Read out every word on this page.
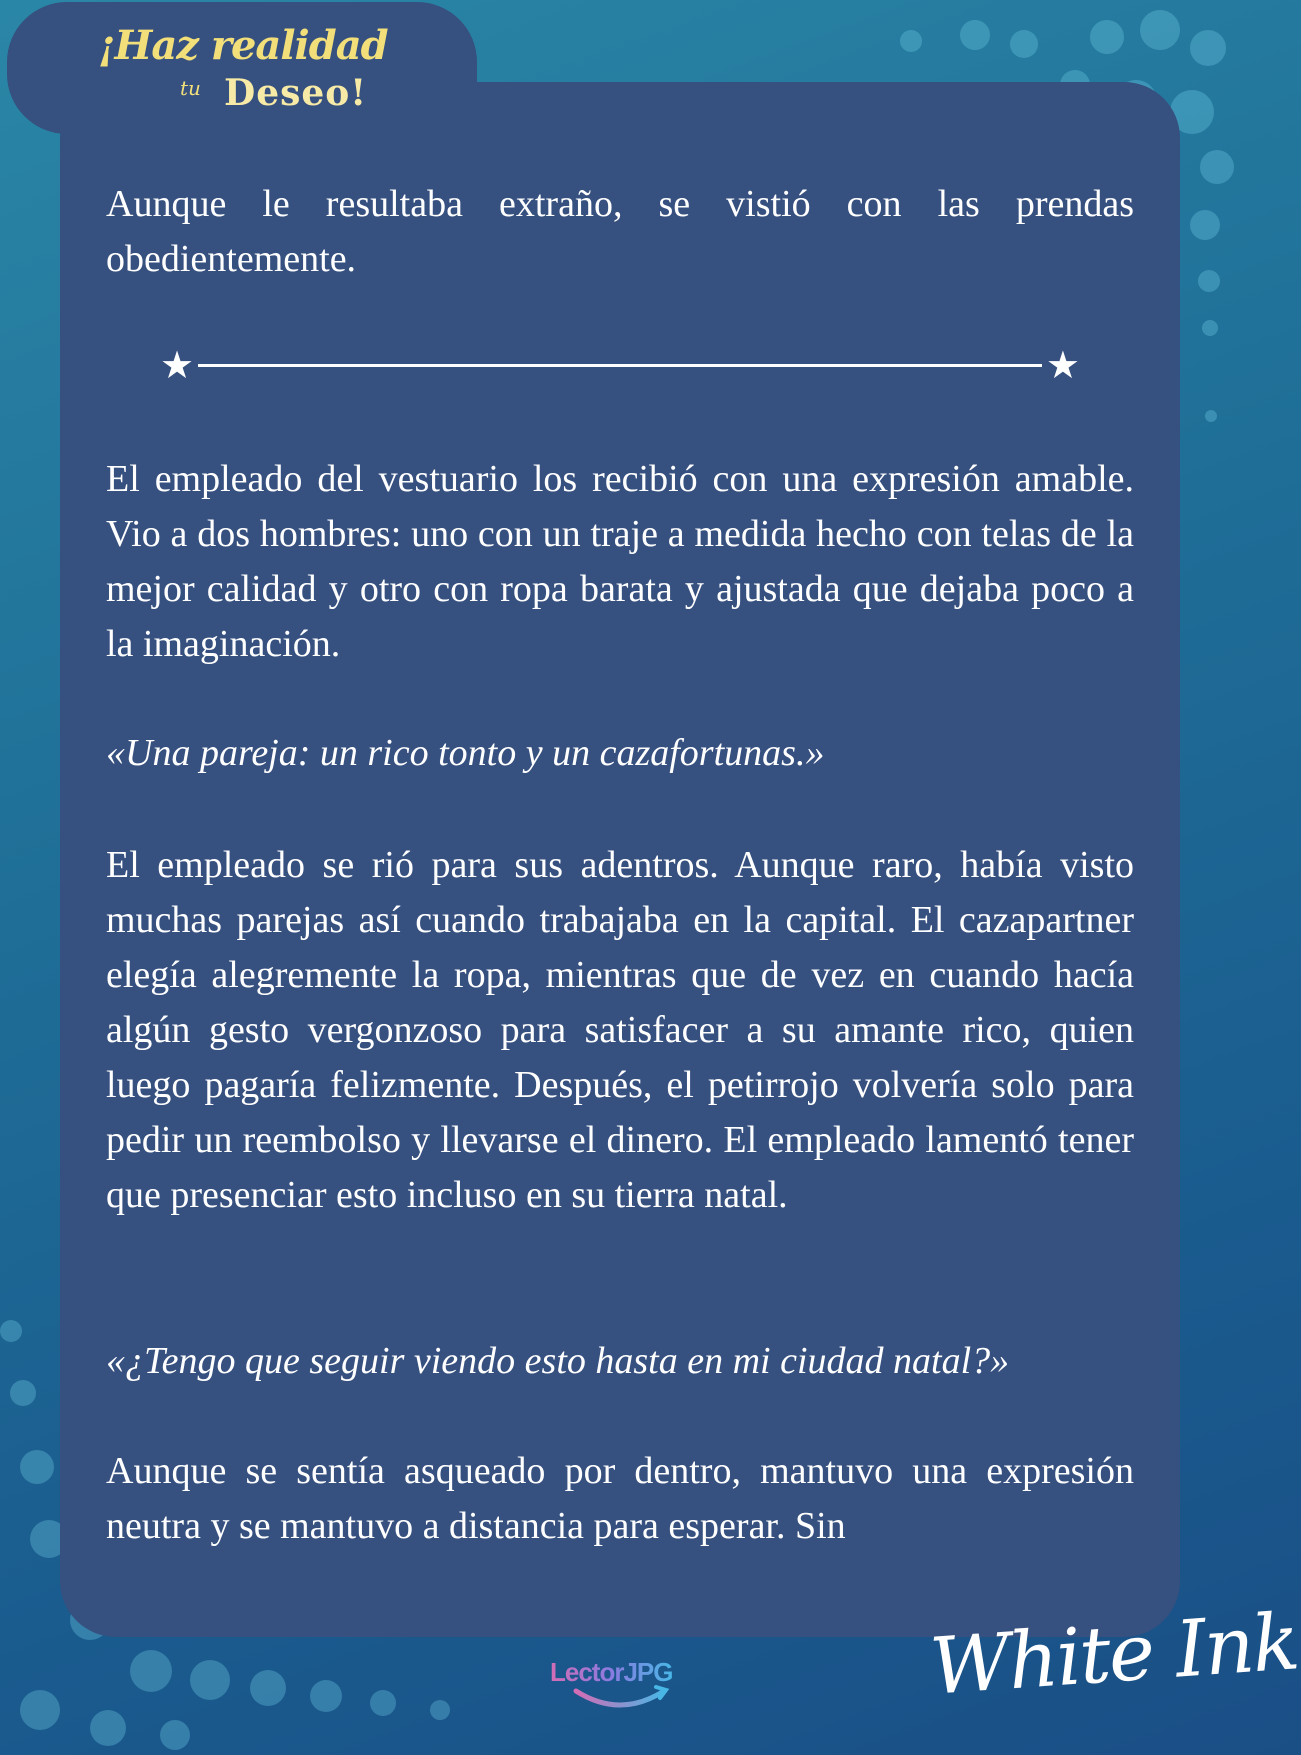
¡Haz realidad
tu Deseo!

Aunque le resultaba extraño, se vistió con las prendas obedientemente.

★	★

El empleado del vestuario los recibió con una expresión amable. Vio a dos hombres: uno con un traje a medida hecho con telas de la mejor calidad y otro con ropa barata y ajustada que dejaba poco a la imaginación.

«Una pareja: un rico tonto y un cazafortunas.»

El empleado se rió para sus adentros. Aunque raro, había visto muchas parejas así cuando trabajaba en la capital. El cazapartner elegía alegremente la ropa, mientras que de vez en cuando hacía algún gesto vergonzoso para satisfacer a su amante rico, quien luego pagaría felizmente. Después, el petirrojo volvería solo para pedir un reembolso y llevarse el dinero. El empleado lamentó tener que presenciar esto incluso en su tierra natal.

«¿Tengo que seguir viendo esto hasta en mi ciudad natal?»

Aunque se sentía asqueado por dentro, mantuvo una expresión neutra y se mantuvo a distancia para esperar. Sin

LectorJPG	White Ink
